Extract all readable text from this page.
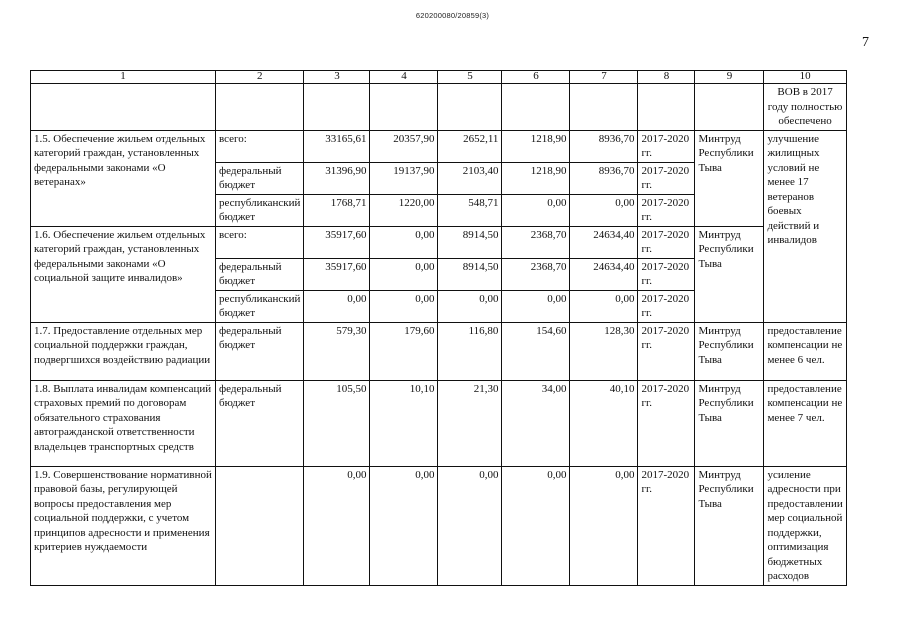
620200080/20859(3)
7
1	2	3	4	5	6	7	8	9	10
									ВОВ в 2017 году полностью обеспечено
1.5. Обеспечение жильем отдельных категорий граждан, установленных федеральными законами «О ветеранах»	всего:	33165,61	20357,90	2652,11	1218,90	8936,70	2017-2020 гг.	Минтруд Республики Тыва	улучшение жилищных условий не менее 17 ветеранов боевых действий и инвалидов
	федеральный бюджет	31396,90	19137,90	2103,40	1218,90	8936,70	2017-2020 гг.		
	республиканский бюджет	1768,71	1220,00	548,71	0,00	0,00	2017-2020 гг.		
1.6. Обеспечение жильем отдельных категорий граждан, установленных федеральными законами «О социальной защите инвалидов»	всего:	35917,60	0,00	8914,50	2368,70	24634,40	2017-2020 гг.	Минтруд Республики Тыва	
	федеральный бюджет	35917,60	0,00	8914,50	2368,70	24634,40	2017-2020 гг.		
	республиканский бюджет	0,00	0,00	0,00	0,00	0,00	2017-2020 гг.		
1.7. Предоставление отдельных мер социальной поддержки граждан, подвергшихся воздействию радиации	федеральный бюджет	579,30	179,60	116,80	154,60	128,30	2017-2020 гг.	Минтруд Республики Тыва	предоставление компенсации не менее 6 чел.
1.8. Выплата инвалидам компенсаций страховых премий по договорам обязательного страхования автогражданской ответственности владельцев транспортных средств	федеральный бюджет	105,50	10,10	21,30	34,00	40,10	2017-2020 гг.	Минтруд Республики Тыва	предоставление компенсации не менее 7 чел.
1.9. Совершенствование нормативной правовой базы, регулирующей вопросы предоставления мер социальной поддержки, с учетом принципов адресности и применения критериев нуждаемости		0,00	0,00	0,00	0,00	0,00	2017-2020 гг.	Минтруд Республики Тыва	усиление адресности при предоставлении мер социальной поддержки, оптимизация бюджетных расходов
